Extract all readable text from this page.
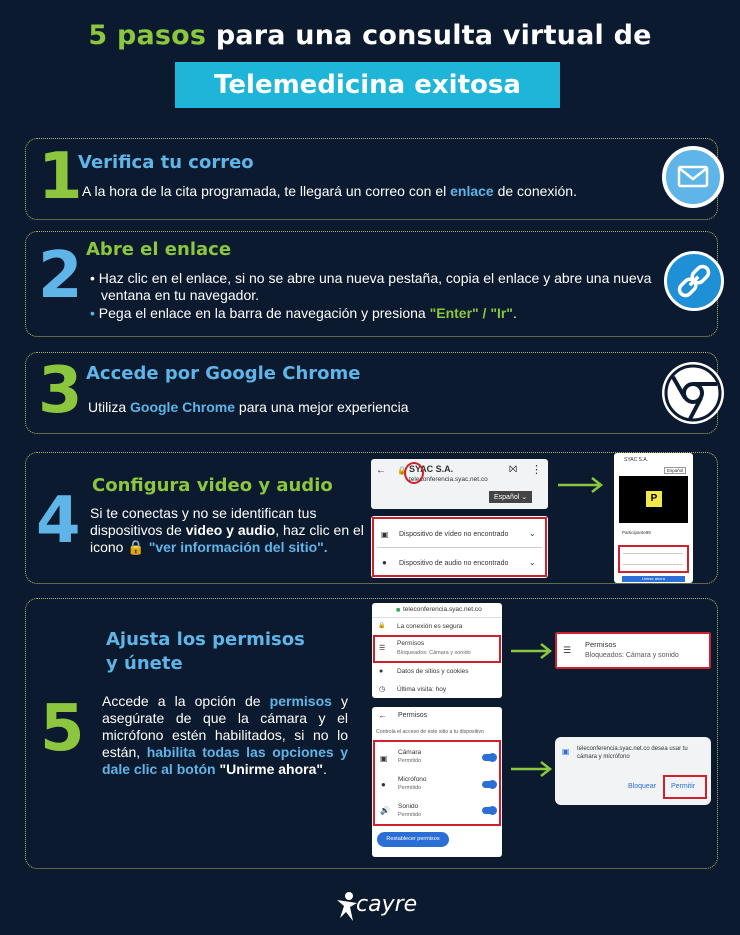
5 pasos para una consulta virtual de
Telemedicina exitosa
1
Verifica tu correo
A la hora de la cita programada, te llegará un correo con el enlace de conexión.
2 Abre el enlace
• Haz clic en el enlace, si no se abre una nueva pestaña, copia el enlace y abre una nueva ventana en tu navegador.
• Pega el enlace en la barra de navegación y presiona "Enter" / "Ir".
3 Accede por Google Chrome
Utiliza Google Chrome para una mejor experiencia
4 Configura video y audio
Si te conectas y no se identifican tus dispositivos de video y audio, haz clic en el icono 🔒 "ver información del sitio".
← 🔒 SYAC S.A.
teleconferencia.syac.net.co
⨝ ⋮
Español ⌄
▣ Dispositivo de vídeo no encontrado	⌄
● Dispositivo de audio no encontrado	⌄
SYAC S.A.
Español
P
Participante89
Unirse ahora
5
Ajusta los permisos
y únete
Accede a la opción de permisos y asegúrate de que la cámara y el micrófono estén habilitados, si no lo están, habilita todas las opciones y dale clic al botón "Unirme ahora".
■ teleconferencia.syac.net.co
🔒 La conexión es segura
☰
Permisos
Bloqueados: Cámara y sonido
● Datos de sitios y cookies
◷ Última visita: hoy
☰
Permisos
Bloqueados: Cámara y sonido
← Permisos
Controla el acceso de este sitio a tu dispositivo
▣
Cámara
Permitido
●
Micrófono
Permitido
🔊 Sonido
Permitido
Restablecer permisos
▣ teleconferencia.syac.net.co desea usar tu cámara y micrófono
Bloquear Permitir
cayre
